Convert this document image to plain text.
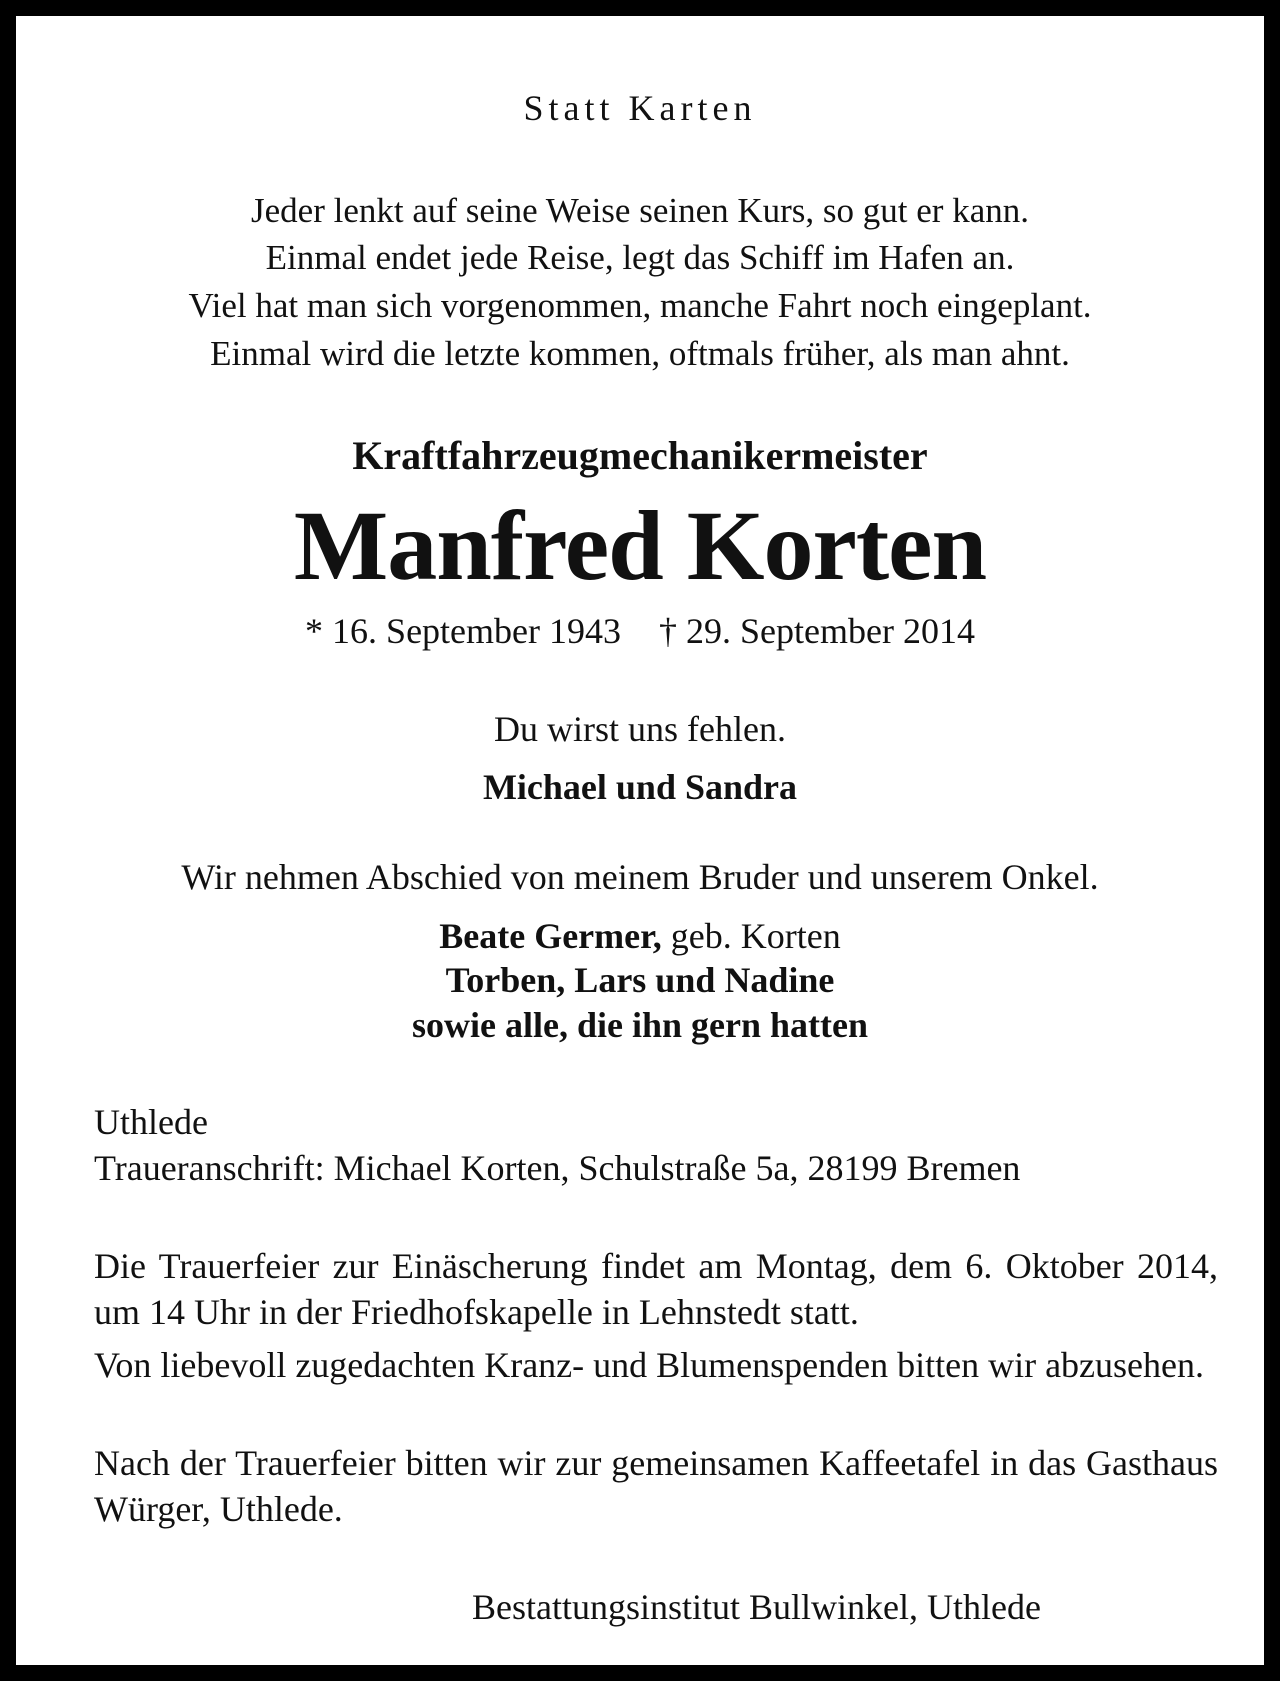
Statt Karten
Jeder lenkt auf seine Weise seinen Kurs, so gut er kann.
Einmal endet jede Reise, legt das Schiff im Hafen an.
Viel hat man sich vorgenommen, manche Fahrt noch eingeplant.
Einmal wird die letzte kommen, oftmals früher, als man ahnt.
Kraftfahrzeugmechanikermeister
Manfred Korten
* 16. September 1943 † 29. September 2014
Du wirst uns fehlen.
Michael und Sandra
Wir nehmen Abschied von meinem Bruder und unserem Onkel.
Beate Germer, geb. Korten
Torben, Lars und Nadine
sowie alle, die ihn gern hatten
Uthlede
Traueranschrift: Michael Korten, Schulstraße 5a, 28199 Bremen
Die Trauerfeier zur Einäscherung findet am Montag, dem 6. Oktober 2014, um 14 Uhr in der Friedhofskapelle in Lehnstedt statt.
Von liebevoll zugedachten Kranz- und Blumenspenden bitten wir abzusehen.
Nach der Trauerfeier bitten wir zur gemeinsamen Kaffeetafel in das Gasthaus Würger, Uthlede.
Bestattungsinstitut Bullwinkel, Uthlede
